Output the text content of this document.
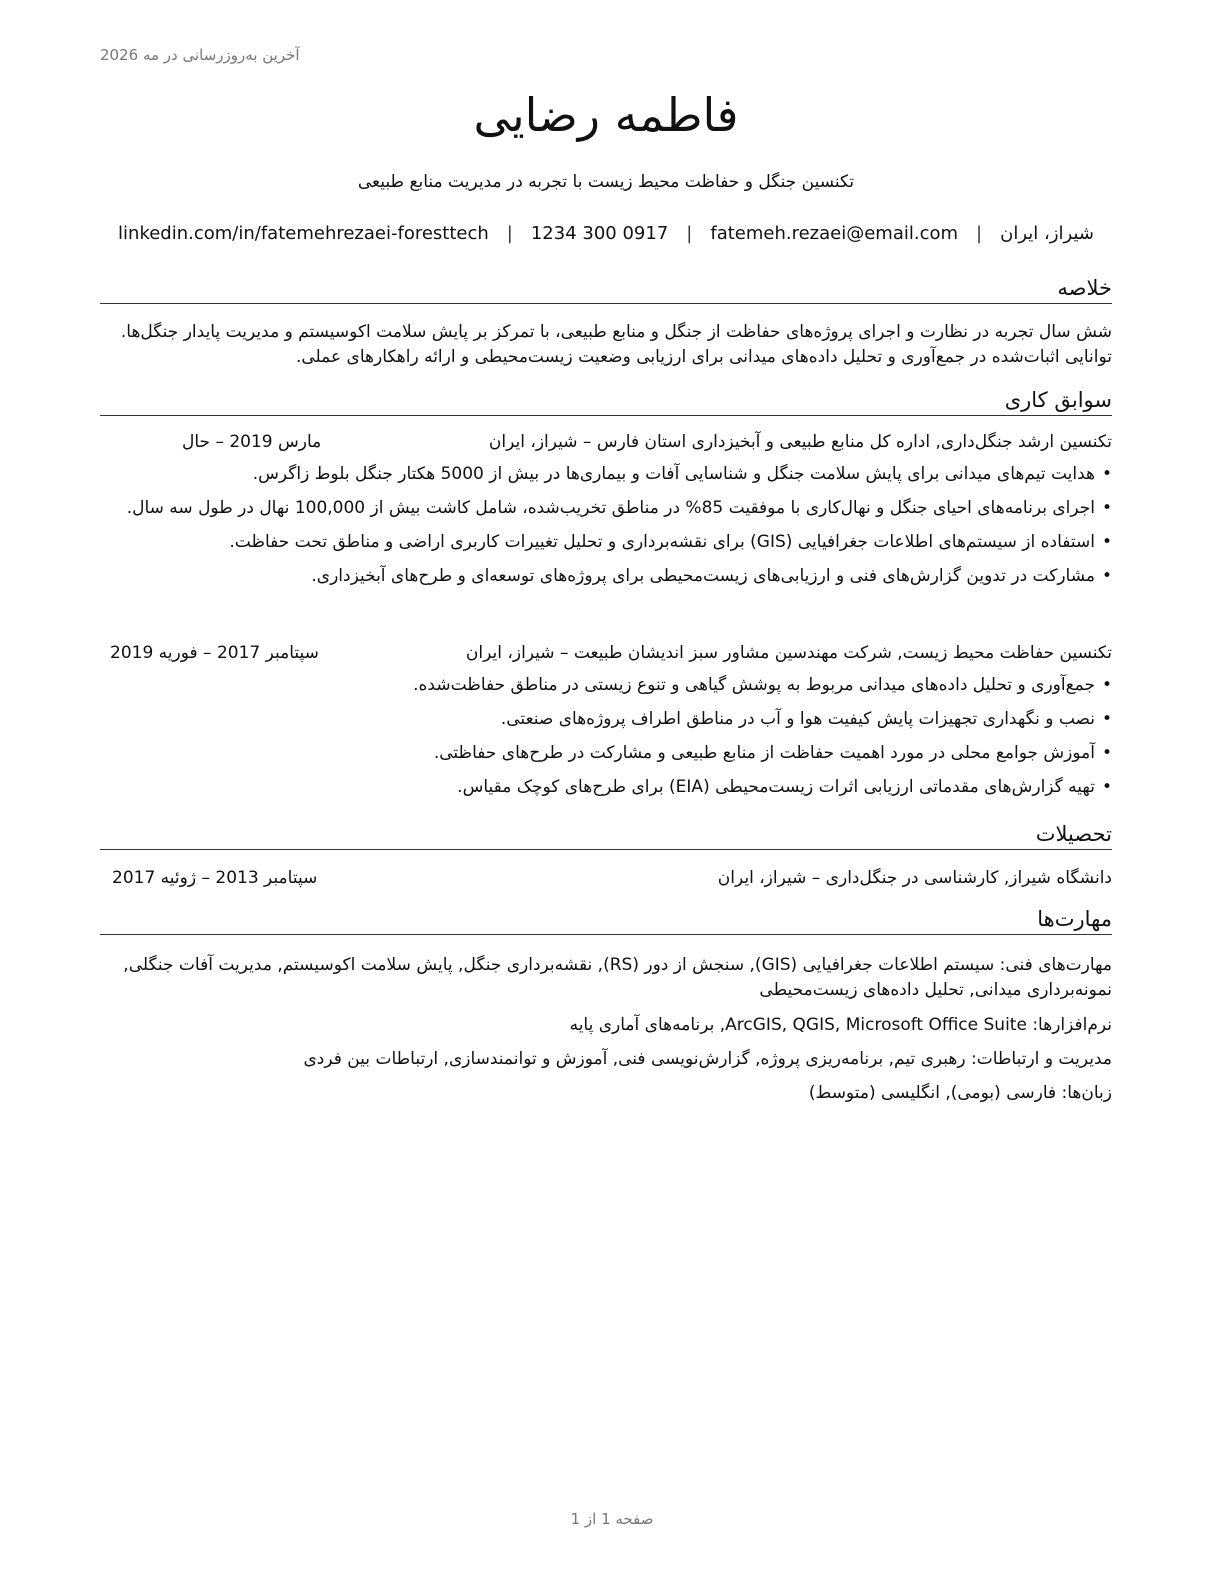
آخرین به‌روزرسانی در مه 2026
فاطمه رضایی
تکنسین جنگل و حفاظت محیط زیست با تجربه در مدیریت منابع طبیعی
شیراز، ایران|fatemeh.rezaei@email.com|1234 300 0917|linkedin.com/in/fatemehrezaei-foresttech
خلاصه
شش سال تجربه در نظارت و اجرای پروژه‌های حفاظت از جنگل و منابع طبیعی، با تمرکز بر پایش سلامت اکوسیستم و مدیریت پایدار جنگل‌ها. توانایی اثبات‌شده در جمع‌آوری و تحلیل داده‌های میدانی برای ارزیابی وضعیت زیست‌محیطی و ارائه راهکارهای عملی.
سوابق کاری
تکنسین ارشد جنگل‌داری, اداره کل منابع طبیعی و آبخیزداری استان فارس – شیراز، ایران
مارس 2019 – حال
• هدایت تیم‌های میدانی برای پایش سلامت جنگل و شناسایی آفات و بیماری‌ها در بیش از 5000 هکتار جنگل بلوط زاگرس.
• اجرای برنامه‌های احیای جنگل و نهال‌کاری با موفقیت 85% در مناطق تخریب‌شده، شامل کاشت بیش از 100,000 نهال در طول سه سال.
• استفاده از سیستم‌های اطلاعات جغرافیایی (GIS) برای نقشه‌برداری و تحلیل تغییرات کاربری اراضی و مناطق تحت حفاظت.
• مشارکت در تدوین گزارش‌های فنی و ارزیابی‌های زیست‌محیطی برای پروژه‌های توسعه‌ای و طرح‌های آبخیزداری.
تکنسین حفاظت محیط زیست, شرکت مهندسین مشاور سبز اندیشان طبیعت – شیراز، ایران
سپتامبر 2017 – فوریه 2019
• جمع‌آوری و تحلیل داده‌های میدانی مربوط به پوشش گیاهی و تنوع زیستی در مناطق حفاظت‌شده.
• نصب و نگهداری تجهیزات پایش کیفیت هوا و آب در مناطق اطراف پروژه‌های صنعتی.
• آموزش جوامع محلی در مورد اهمیت حفاظت از منابع طبیعی و مشارکت در طرح‌های حفاظتی.
• تهیه گزارش‌های مقدماتی ارزیابی اثرات زیست‌محیطی (EIA) برای طرح‌های کوچک مقیاس.
تحصیلات
دانشگاه شیراز, کارشناسی در جنگل‌داری – شیراز، ایران
سپتامبر 2013 – ژوئیه 2017
مهارت‌ها
مهارت‌های فنی: سیستم اطلاعات جغرافیایی (GIS), سنجش از دور (RS), نقشه‌برداری جنگل, پایش سلامت اکوسیستم, مدیریت آفات جنگلی, نمونه‌برداری میدانی, تحلیل داده‌های زیست‌محیطی
نرم‌افزارها: ArcGIS, QGIS, Microsoft Office Suite, برنامه‌های آماری پایه
مدیریت و ارتباطات: رهبری تیم, برنامه‌ریزی پروژه, گزارش‌نویسی فنی, آموزش و توانمندسازی, ارتباطات بین فردی
زبان‌ها: فارسی (بومی), انگلیسی (متوسط)
صفحه 1 از 1
